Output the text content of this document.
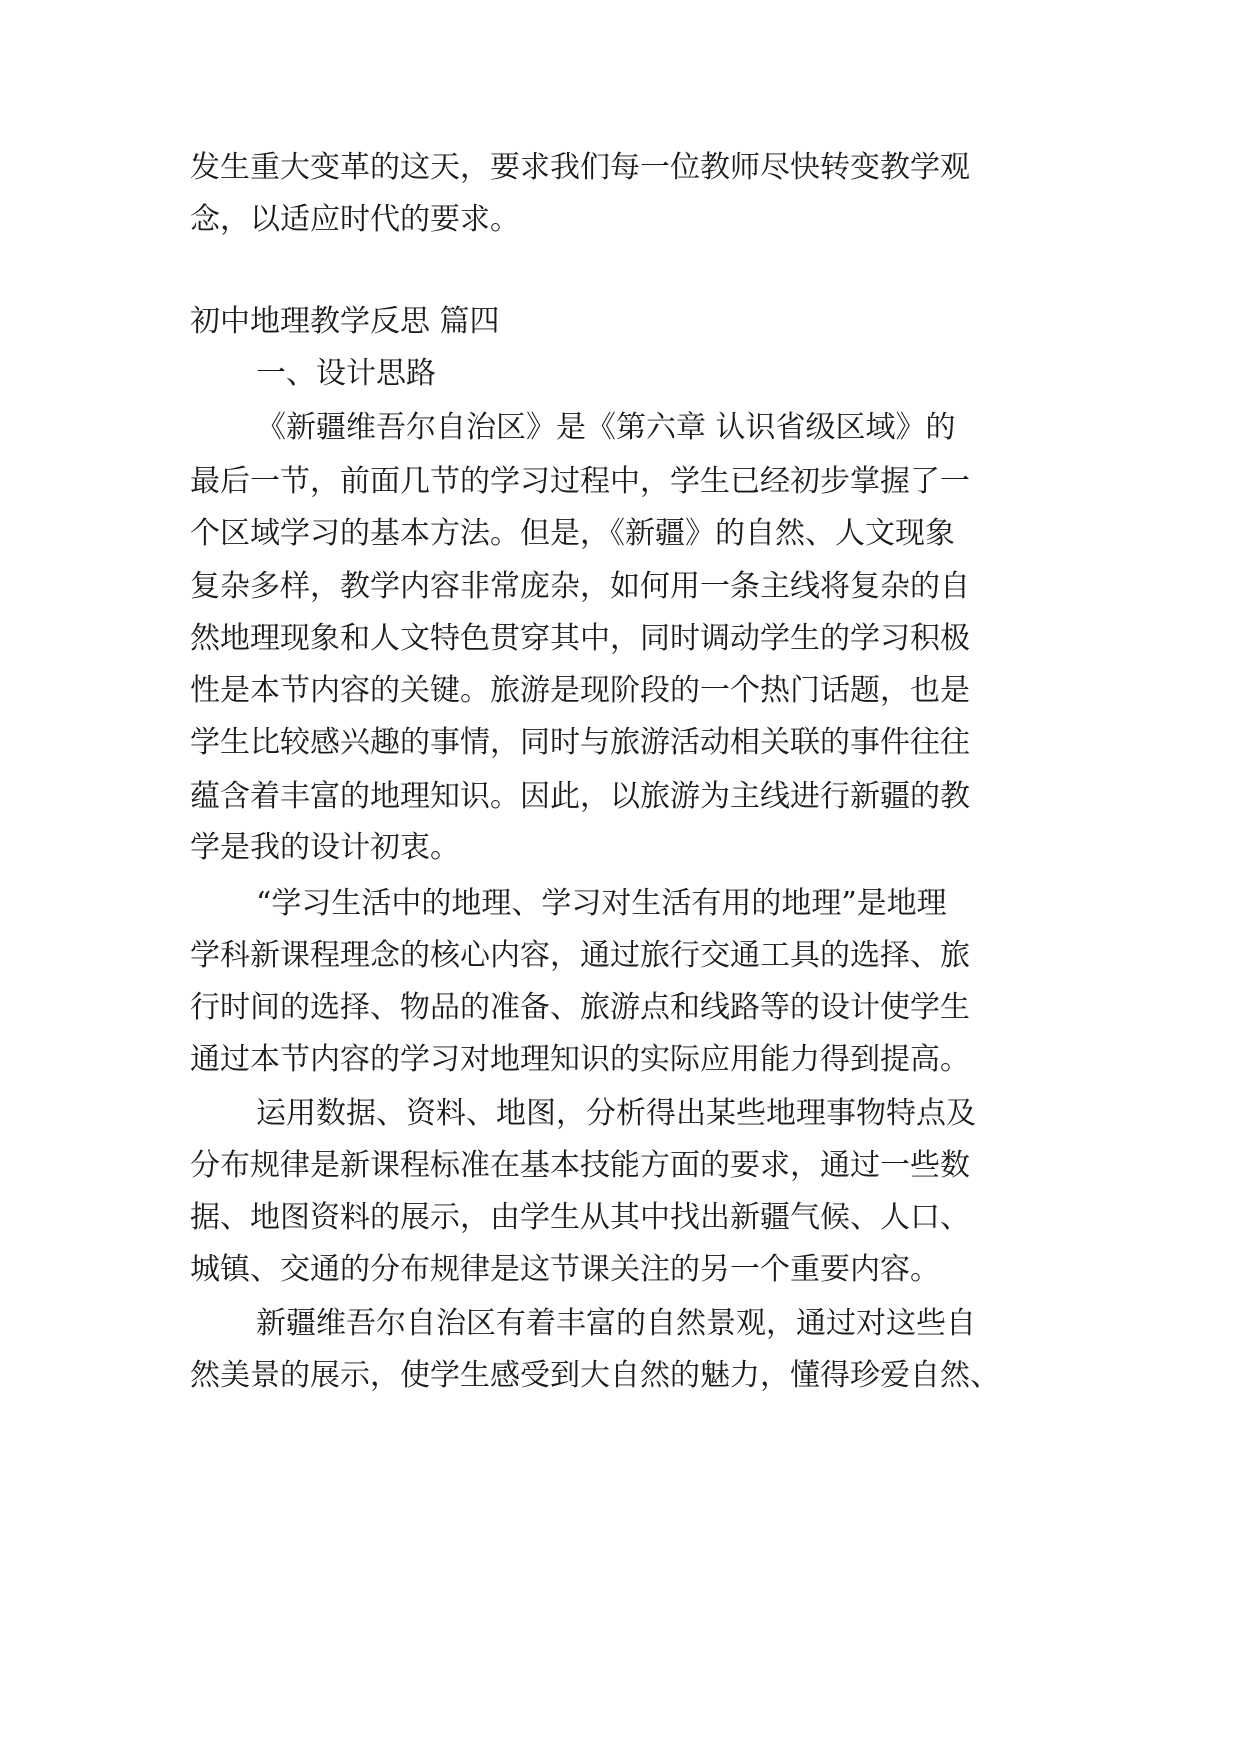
发生重大变革的这天，要求我们每一位教师尽快转变教学观
念，以适应时代的要求。
初中地理教学反思 篇四
一、设计思路
《新疆维吾尔自治区》是《第六章 认识省级区域》的
最后一节，前面几节的学习过程中，学生已经初步掌握了一
个区域学习的基本方法。但是，《新疆》的自然、人文现象
复杂多样，教学内容非常庞杂，如何用一条主线将复杂的自
然地理现象和人文特色贯穿其中，同时调动学生的学习积极
性是本节内容的关键。旅游是现阶段的一个热门话题，也是
学生比较感兴趣的事情，同时与旅游活动相关联的事件往往
蕴含着丰富的地理知识。因此，以旅游为主线进行新疆的教
学是我的设计初衷。
“学习生活中的地理、学习对生活有用的地理”是地理
学科新课程理念的核心内容，通过旅行交通工具的选择、旅
行时间的选择、物品的准备、旅游点和线路等的设计使学生
通过本节内容的学习对地理知识的实际应用能力得到提高。
运用数据、资料、地图，分析得出某些地理事物特点及
分布规律是新课程标准在基本技能方面的要求，通过一些数
据、地图资料的展示，由学生从其中找出新疆气候、人口、
城镇、交通的分布规律是这节课关注的另一个重要内容。
新疆维吾尔自治区有着丰富的自然景观，通过对这些自
然美景的展示，使学生感受到大自然的魅力，懂得珍爱自然、
